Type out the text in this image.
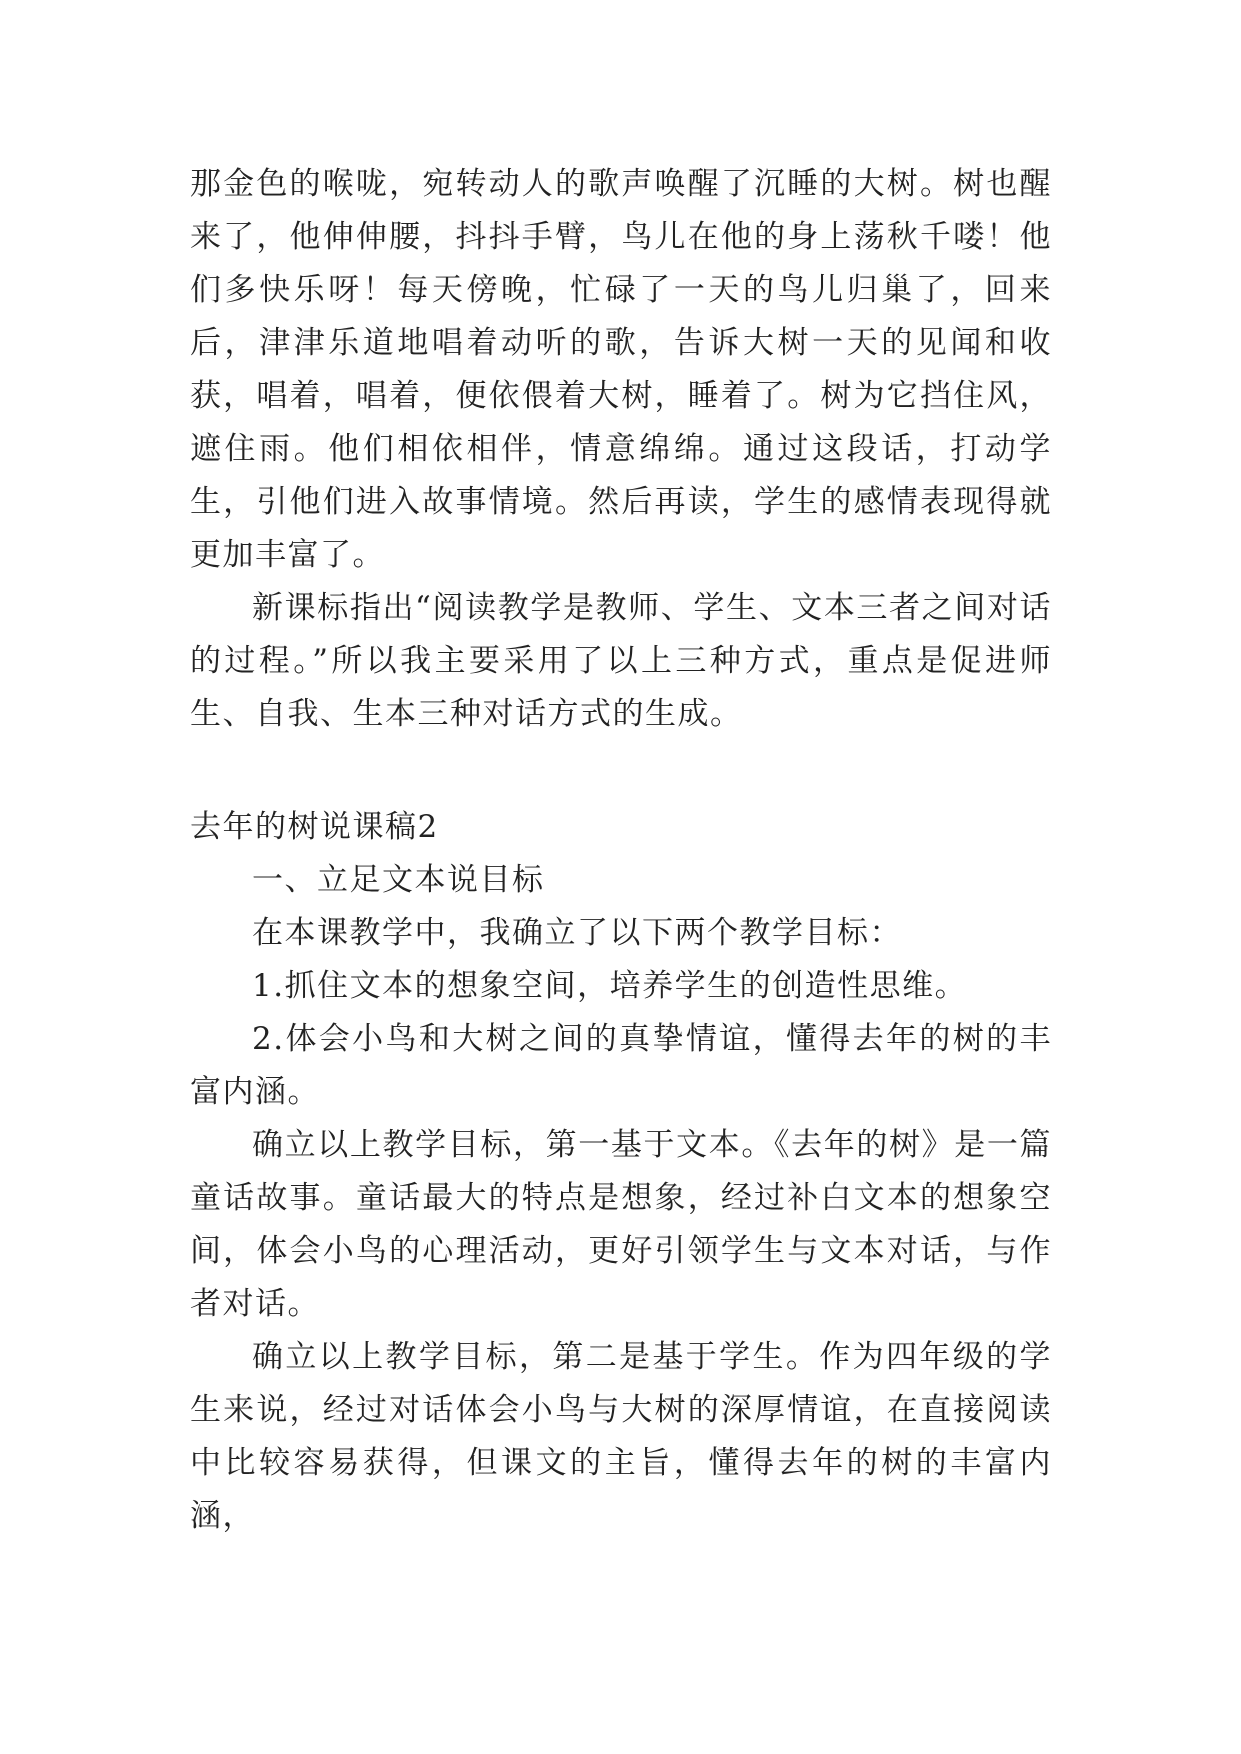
那金色的喉咙，宛转动人的歌声唤醒了沉睡的大树。树也醒来了，他伸伸腰，抖抖手臂，鸟儿在他的身上荡秋千喽！他们多快乐呀！每天傍晚，忙碌了一天的鸟儿归巢了，回来后，津津乐道地唱着动听的歌，告诉大树一天的见闻和收获，唱着，唱着，便依偎着大树，睡着了。树为它挡住风，遮住雨。他们相依相伴，情意绵绵。通过这段话，打动学生，引他们进入故事情境。然后再读，学生的感情表现得就更加丰富了。

新课标指出“阅读教学是教师、学生、文本三者之间对话的过程。”所以我主要采用了以上三种方式，重点是促进师生、自我、生本三种对话方式的生成。

去年的树说课稿2

一、立足文本说目标

在本课教学中，我确立了以下两个教学目标：

1.抓住文本的想象空间，培养学生的创造性思维。

2.体会小鸟和大树之间的真挚情谊，懂得去年的树的丰富内涵。

确立以上教学目标，第一基于文本。《去年的树》是一篇童话故事。童话最大的特点是想象，经过补白文本的想象空间，体会小鸟的心理活动，更好引领学生与文本对话，与作者对话。

确立以上教学目标，第二是基于学生。作为四年级的学生来说，经过对话体会小鸟与大树的深厚情谊，在直接阅读中比较容易获得，但课文的主旨，懂得去年的树的丰富内涵，
